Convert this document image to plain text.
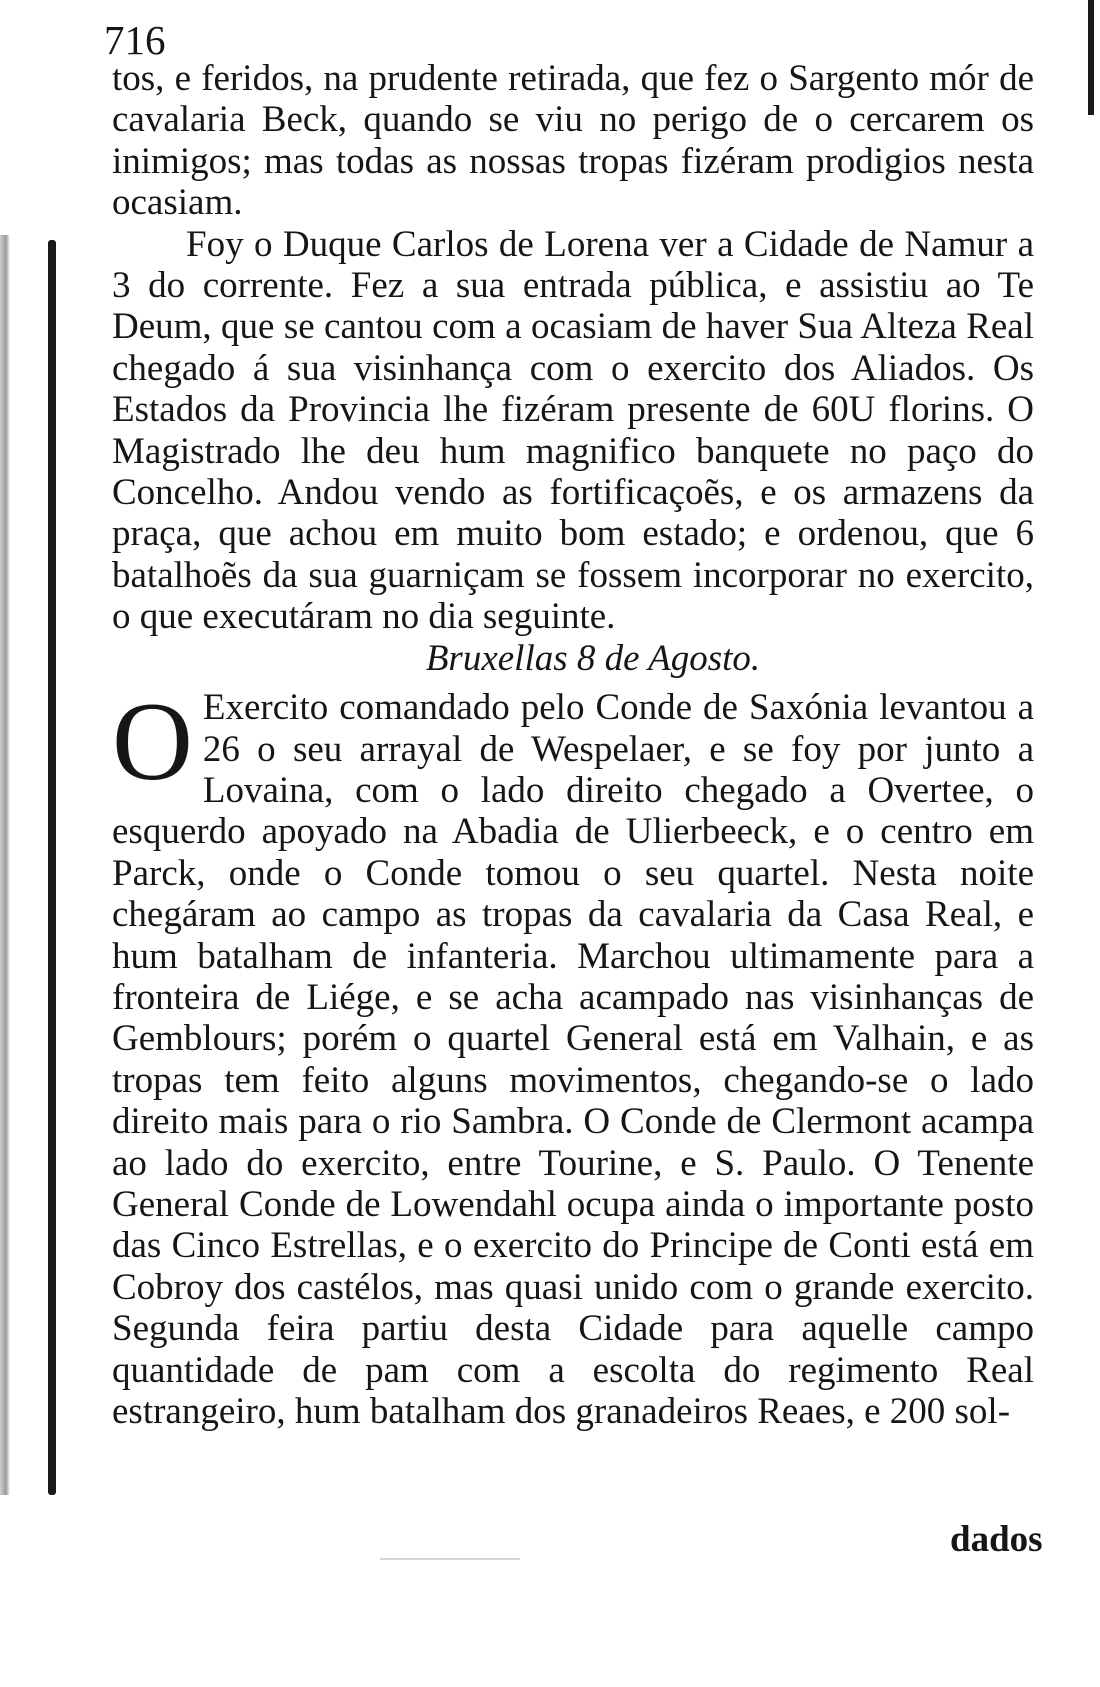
716

tos, e feridos, na prudente retirada, que fez o Sargento mór de cavalaria Beck, quando se viu no perigo de o cercarem os inimigos; mas todas as nossas tropas fizéram prodigios nesta ocasiam.

Foy o Duque Carlos de Lorena ver a Cidade de Namur a 3 do corrente. Fez a sua entrada pública, e assistiu ao Te Deum, que se cantou com a ocasiam de haver Sua Alteza Real chegado á sua visinhança com o exercito dos Aliados. Os Estados da Provincia lhe fizéram presente de 60U florins. O Magistrado lhe deu hum magnifico banquete no paço do Concelho. Andou vendo as fortificaçoẽs, e os armazens da praça, que achou em muito bom estado; e ordenou, que 6 batalhoẽs da sua guarniçam se fossem incorporar no exercito, o que executáram no dia seguinte.

Bruxellas 8 de Agosto.

O Exercito comandado pelo Conde de Saxónia levantou a 26 o seu arrayal de Wespelaer, e se foy por junto a Lovaina, com o lado direito chegado a Overtee, o esquerdo apoyado na Abadia de Ulierbeeck, e o centro em Parck, onde o Conde tomou o seu quartel. Nesta noite chegáram ao campo as tropas da cavalaria da Casa Real, e hum batalham de infanteria. Marchou ultimamente para a fronteira de Liége, e se acha acampado nas visinhanças de Gemblours; porém o quartel General está em Valhain, e as tropas tem feito alguns movimentos, chegando-se o lado direito mais para o rio Sambra. O Conde de Clermont acampa ao lado do exercito, entre Tourine, e S. Paulo. O Tenente General Conde de Lowendahl ocupa ainda o importante posto das Cinco Estrellas, e o exercito do Principe de Conti está em Cobroy dos castélos, mas quasi unido com o grande exercito. Segunda feira partiu desta Cidade para aquelle campo quantidade de pam com a escolta do regimento Real estrangeiro, hum batalham dos granadeiros Reaes, e 200 sol-

dados
